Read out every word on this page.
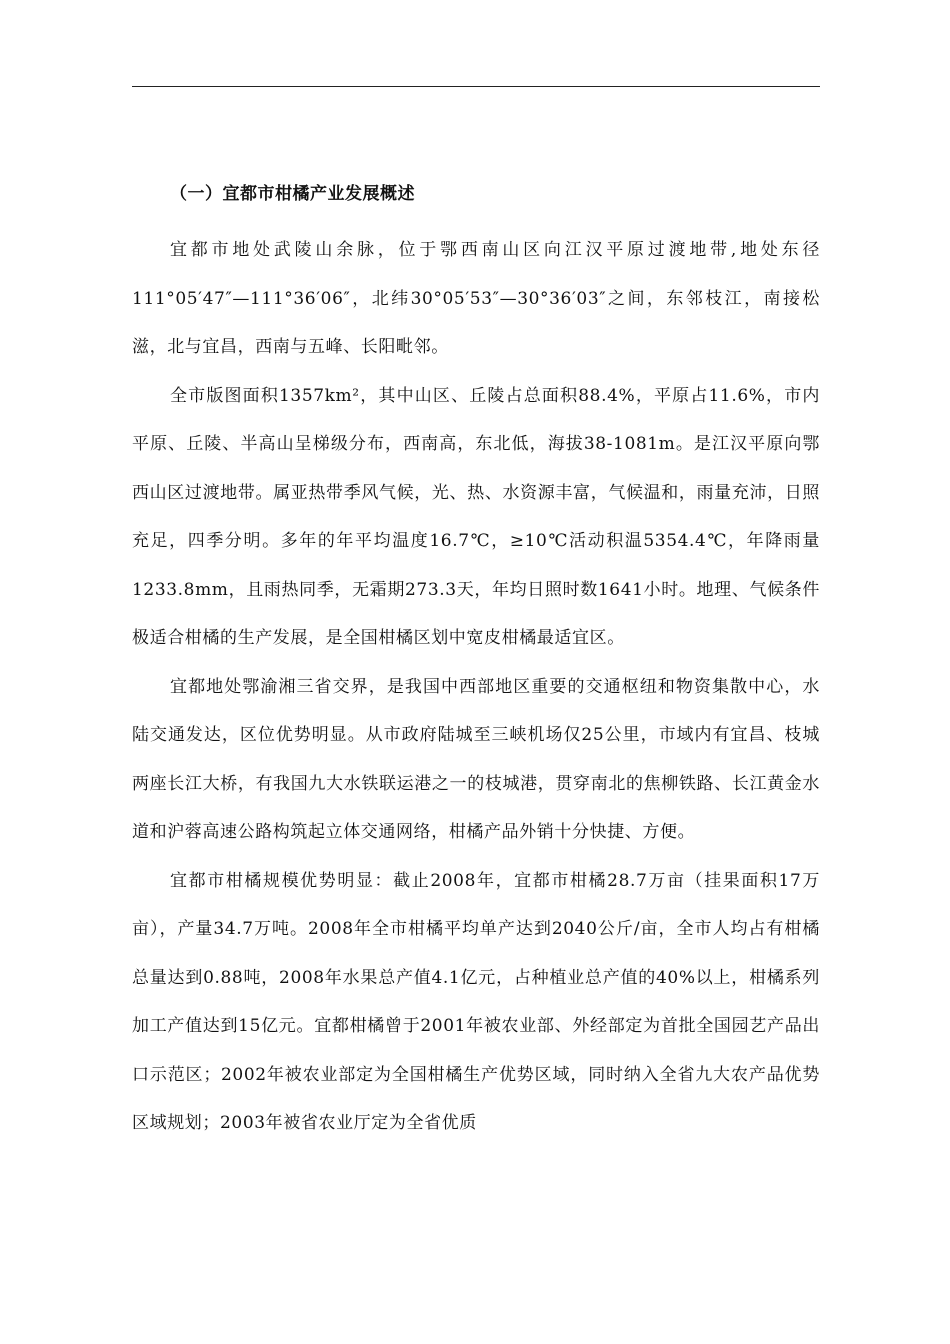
（一）宜都市柑橘产业发展概述

宜都市地处武陵山余脉，位于鄂西南山区向江汉平原过渡地带,地处东径111°05′47″—111°36′06″，北纬30°05′53″—30°36′03″之间，东邻枝江，南接松滋，北与宜昌，西南与五峰、长阳毗邻。

全市版图面积1357km²，其中山区、丘陵占总面积88.4%，平原占11.6%，市内平原、丘陵、半高山呈梯级分布，西南高，东北低，海拔38-1081m。是江汉平原向鄂西山区过渡地带。属亚热带季风气候，光、热、水资源丰富，气候温和，雨量充沛，日照充足，四季分明。多年的年平均温度16.7℃，≥10℃活动积温5354.4℃，年降雨量1233.8mm，且雨热同季，无霜期273.3天，年均日照时数1641小时。地理、气候条件极适合柑橘的生产发展，是全国柑橘区划中宽皮柑橘最适宜区。

宜都地处鄂渝湘三省交界，是我国中西部地区重要的交通枢纽和物资集散中心，水陆交通发达，区位优势明显。从市政府陆城至三峡机场仅25公里，市域内有宜昌、枝城两座长江大桥，有我国九大水铁联运港之一的枝城港，贯穿南北的焦柳铁路、长江黄金水道和沪蓉高速公路构筑起立体交通网络，柑橘产品外销十分快捷、方便。

宜都市柑橘规模优势明显：截止2008年，宜都市柑橘28.7万亩（挂果面积17万亩），产量34.7万吨。2008年全市柑橘平均单产达到2040公斤/亩，全市人均占有柑橘总量达到0.88吨，2008年水果总产值4.1亿元，占种植业总产值的40%以上，柑橘系列加工产值达到15亿元。宜都柑橘曾于2001年被农业部、外经部定为首批全国园艺产品出口示范区；2002年被农业部定为全国柑橘生产优势区域，同时纳入全省九大农产品优势区域规划；2003年被省农业厅定为全省优质
